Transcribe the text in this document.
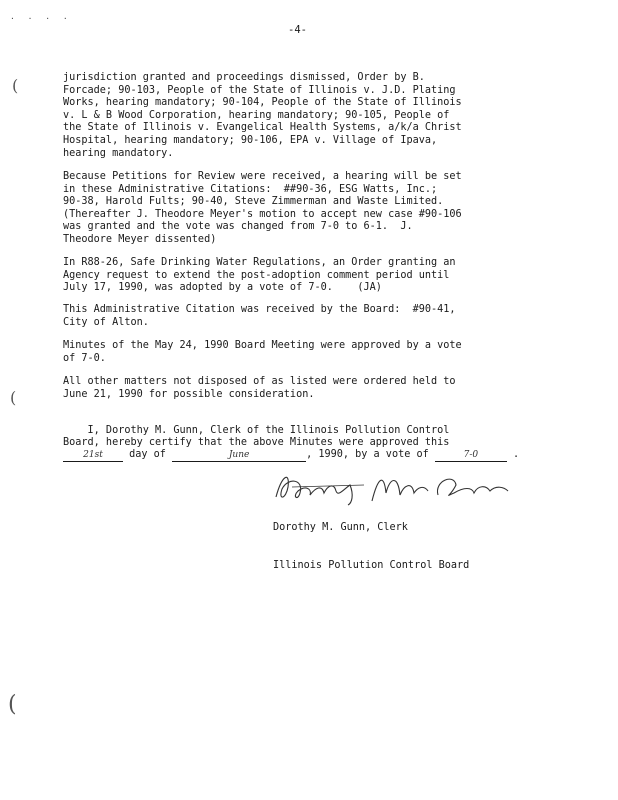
. . . .
-4-
(
(
(

jurisdiction granted and proceedings dismissed, Order by B.
Forcade; 90-103, People of the State of Illinois v. J.D. Plating
Works, hearing mandatory; 90-104, People of the State of Illinois
v. L & B Wood Corporation, hearing mandatory; 90-105, People of
the State of Illinois v. Evangelical Health Systems, a/k/a Christ
Hospital, hearing mandatory; 90-106, EPA v. Village of Ipava,
hearing mandatory.

Because Petitions for Review were received, a hearing will be set
in these Administrative Citations:  ##90-36, ESG Watts, Inc.;
90-38, Harold Fults; 90-40, Steve Zimmerman and Waste Limited.
(Thereafter J. Theodore Meyer's motion to accept new case #90-106
was granted and the vote was changed from 7-0 to 6-1.  J.
Theodore Meyer dissented)

In R88-26, Safe Drinking Water Regulations, an Order granting an
Agency request to extend the post-adoption comment period until
July 17, 1990, was adopted by a vote of 7-0.    (JA)

This Administrative Citation was received by the Board:  #90-41,
City of Alton.

Minutes of the May 24, 1990 Board Meeting were approved by a vote
of 7-0.

All other matters not disposed of as listed were ordered held to
June 21, 1990 for possible consideration.

I, Dorothy M. Gunn, Clerk of the Illinois Pollution Control
Board, hereby certify that the above Minutes were approved this
21st day of	June	, 1990, by a vote of	7-0	.

Dorothy M. Gunn, Clerk

Illinois Pollution Control Board
